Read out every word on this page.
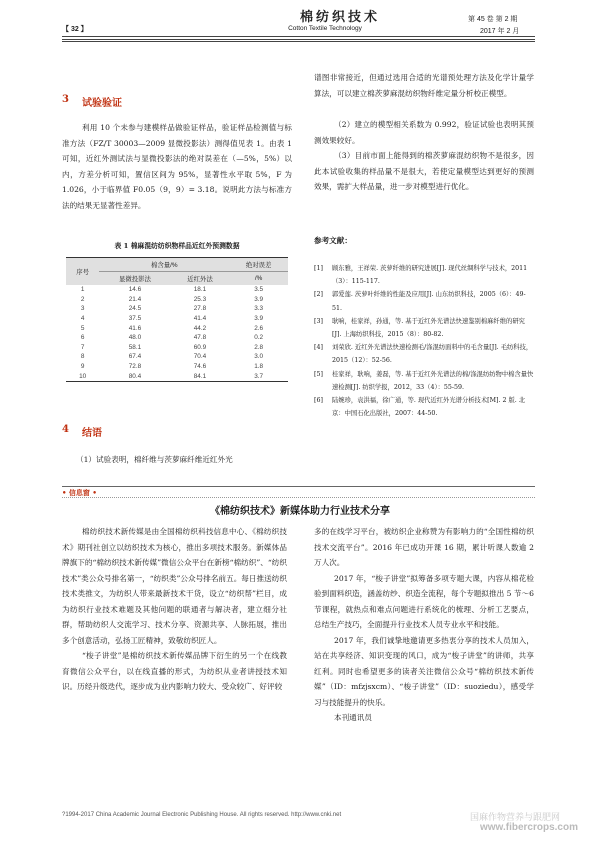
棉纺织技术
Cotton Textile Technology
【 32 】
第 45 卷 第 2 期
2017 年 2 月
3 试验验证
利用 10 个未参与建模样品做验证样品，验证样品检测值与标准方法（FZ/T 30003—2009 显微投影法）测得值见表 1。由表 1 可知，近红外测试法与显微投影法的绝对误差在（—5%，5%）以内，方差分析可知，置信区间为 95%，显著性水平取 5%，F 为 1.026，小于临界值 F0.05（9，9）= 3.18。说明此方法与标准方法的结果无显著性差异。
表 1 棉麻混纺纺织物样品近红外预测数据
序号	棉含量/%		绝对误差
	显微投影法	近红外法	/%
1	14.6	18.1	3.5
2	21.4	25.3	3.9
3	24.5	27.8	3.3
4	37.5	41.4	3.9
5	41.6	44.2	2.6
6	48.0	47.8	0.2
7	58.1	60.9	2.8
8	67.4	70.4	3.0
9	72.8	74.6	1.8
10	80.4	84.1	3.7
4 结语
（1）试验表明，棉纤维与茨萝麻纤维近红外光
谱图非常接近，但通过选用合适的光谱预处理方法及化学计量学算法，可以建立棉茨萝麻混纺织物纤维定量分析校正模型。
（2）建立的模型相关系数为 0.992，验证试验也表明其预测效果较好。
（3）目前市面上能得到的棉茨萝麻混纺织物不是很多，因此本试验收集的样品量不是很大，若使定量模型达到更好的预测效果，需扩大样品量，进一步对模型进行优化。
参考文献：
[1]	顾东雅，王祥荣. 茨萝纤维的研究进展[J]. 现代丝绸科学与技术，2011（3）：115-117.
[2]	郭爱莲. 茨萝叶纤维的性能及应用[J]. 山东纺织科技，2005（6）：49-51.
[3]	耿响，桂家祥，孙通，等. 基于近红外光谱法快速鉴别棉麻纤维的研究[J]. 上海纺织科技，2015（8）：80-82.
[4]	刘荣欣. 近红外光谱法快速检测毛/涤混纺面料中的毛含量[J]. 毛纺科技，2015（12）：52-56.
[5]	桂家祥，耿响，姜磊，等. 基于近红外光谱法的棉/涤混纺纺物中棉含量快速检测[J]. 纺织学报，2012，33（4）：55-59.
[6]	陆婉珍，袁洪福，徐广通，等. 现代近红外光谱分析技术[M]. 2 版. 北京：中国石化出版社，2007：44-50.
• 信息窗 •
《棉纺织技术》新媒体助力行业技术分享

棉纺织技术新传媒是由全国棉纺织科技信息中心、《棉纺织技术》期刊社创立以纺织技术为核心，推出多项技术服务。新媒体品牌旗下的“棉纺织技术新传媒”微信公众平台在新榜“棉纺织”、“纺织技术”类公众号排名第一，“纺织类”公众号排名前五。每日推送纺织技术类推文，为纺织人带来最新技术干货，设立“纺织帮”栏目，成为纺织行业技术难题及其他问题的联通者与解决者，建立细分社群，帮助纺织人交流学习、技术分享、资源共享、人脉拓展，推出多个创意活动，弘扬工匠精神，致敬纺织匠人。

“梭子讲堂”是棉纺织技术新传媒品牌下衍生的另一个在线教育微信公众平台，以在线直播的形式，为纺织从业者讲授技术知识。历经升级迭代，逐步成为业内影响力较大、受众较广、好评较

多的在线学习平台，被纺织企业称赞为有影响力的“全国性棉纺织技术交流平台”。2016 年已成功开课 16 期，累计听课人数逾 2 万人次。

2017 年，“梭子讲堂”拟筹备多项专题大课，内容从棉花检验到面料织造，涵盖纺纱、织造全流程，每个专题拟推出 5 节～6 节课程，就热点和难点问题进行系统化的梳理、分析工艺要点，总结生产技巧，全面提升行业技术人员专业水平和技能。

2017 年，我们诚挚地邀请更多热衷分享的技术人员加入，站在共享经济、知识变现的风口，成为“梭子讲堂”的讲师，共享红利。同时也希望更多的读者关注微信公众号“棉纺织技术新传媒”（ID：mfzjsxcm）、“梭子讲堂”（ID：suoziedu），感受学习与技能提升的快乐。

本刊通讯员

?1994-2017 China Academic Journal Electronic Publishing House. All rights reserved. http://www.cnki.net	国麻作物营养与跟肥网
www.fibercrops.com
